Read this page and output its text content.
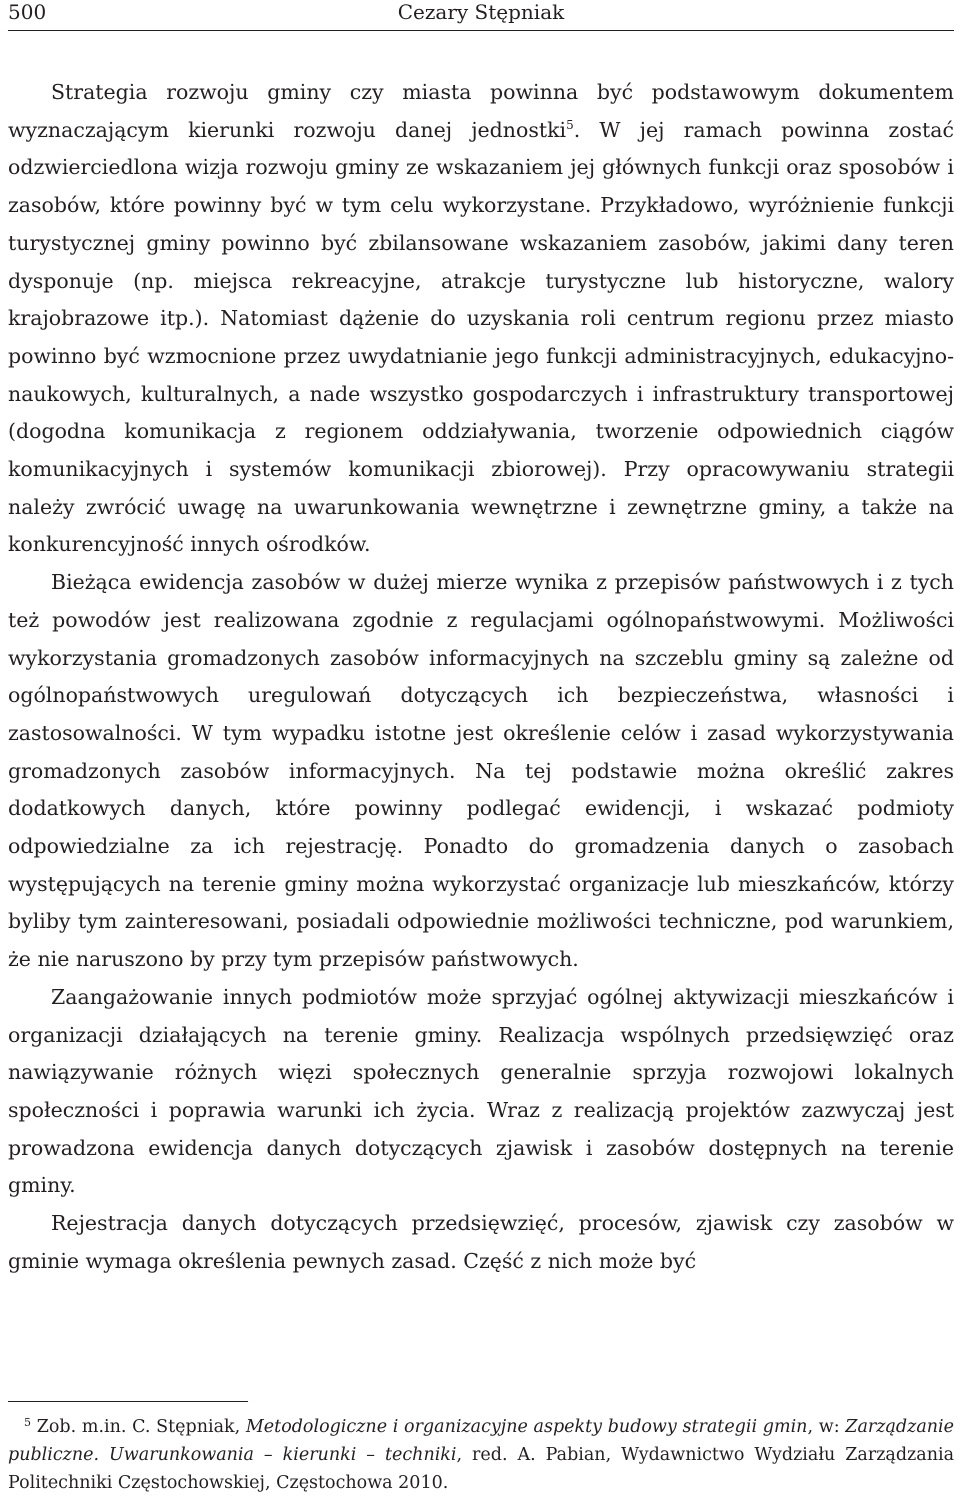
500	Cezary Stępniak

Strategia rozwoju gminy czy miasta powinna być podstawowym dokumentem wyznaczającym kierunki rozwoju danej jednostki$^5$. W jej ramach powinna zostać odzwierciedlona wizja rozwoju gminy ze wskazaniem jej głównych funkcji oraz sposobów i zasobów, które powinny być w tym celu wykorzystane. Przykładowo, wyróżnienie funkcji turystycznej gminy powinno być zbilansowane wskazaniem zasobów, jakimi dany teren dysponuje (np. miejsca rekreacyjne, atrakcje turystyczne lub historyczne, walory krajobrazowe itp.). Natomiast dążenie do uzyskania roli centrum regionu przez miasto powinno być wzmocnione przez uwydatnianie jego funkcji administracyjnych, edukacyjno-naukowych, kulturalnych, a nade wszystko gospodarczych i infrastruktury transportowej (dogodna komunikacja z regionem oddziaływania, tworzenie odpowiednich ciągów komunikacyjnych i systemów komunikacji zbiorowej). Przy opracowywaniu strategii należy zwrócić uwagę na uwarunkowania wewnętrzne i zewnętrzne gminy, a także na konkurencyjność innych ośrodków.

Bieżąca ewidencja zasobów w dużej mierze wynika z przepisów państwowych i z tych też powodów jest realizowana zgodnie z regulacjami ogólnopaństwowymi. Możliwości wykorzystania gromadzonych zasobów informacyjnych na szczeblu gminy są zależne od ogólnopaństwowych uregulowań dotyczących ich bezpieczeństwa, własności i zastosowalności. W tym wypadku istotne jest określenie celów i zasad wykorzystywania gromadzonych zasobów informacyjnych. Na tej podstawie można określić zakres dodatkowych danych, które powinny podlegać ewidencji, i wskazać podmioty odpowiedzialne za ich rejestrację. Ponadto do gromadzenia danych o zasobach występujących na terenie gminy można wykorzystać organizacje lub mieszkańców, którzy byliby tym zainteresowani, posiadali odpowiednie możliwości techniczne, pod warunkiem, że nie naruszono by przy tym przepisów państwowych.

Zaangażowanie innych podmiotów może sprzyjać ogólnej aktywizacji mieszkańców i organizacji działających na terenie gminy. Realizacja wspólnych przedsięwzięć oraz nawiązywanie różnych więzi społecznych generalnie sprzyja rozwojowi lokalnych społeczności i poprawia warunki ich życia. Wraz z realizacją projektów zazwyczaj jest prowadzona ewidencja danych dotyczących zjawisk i zasobów dostępnych na terenie gminy.

Rejestracja danych dotyczących przedsięwzięć, procesów, zjawisk czy zasobów w gminie wymaga określenia pewnych zasad. Część z nich może być

$^5$ Zob. m.in. C. Stępniak, Metodologiczne i organizacyjne aspekty budowy strategii gmin, w: Zarządzanie publiczne. Uwarunkowania – kierunki – techniki, red. A. Pabian, Wydawnictwo Wydziału Zarządzania Politechniki Częstochowskiej, Częstochowa 2010.
